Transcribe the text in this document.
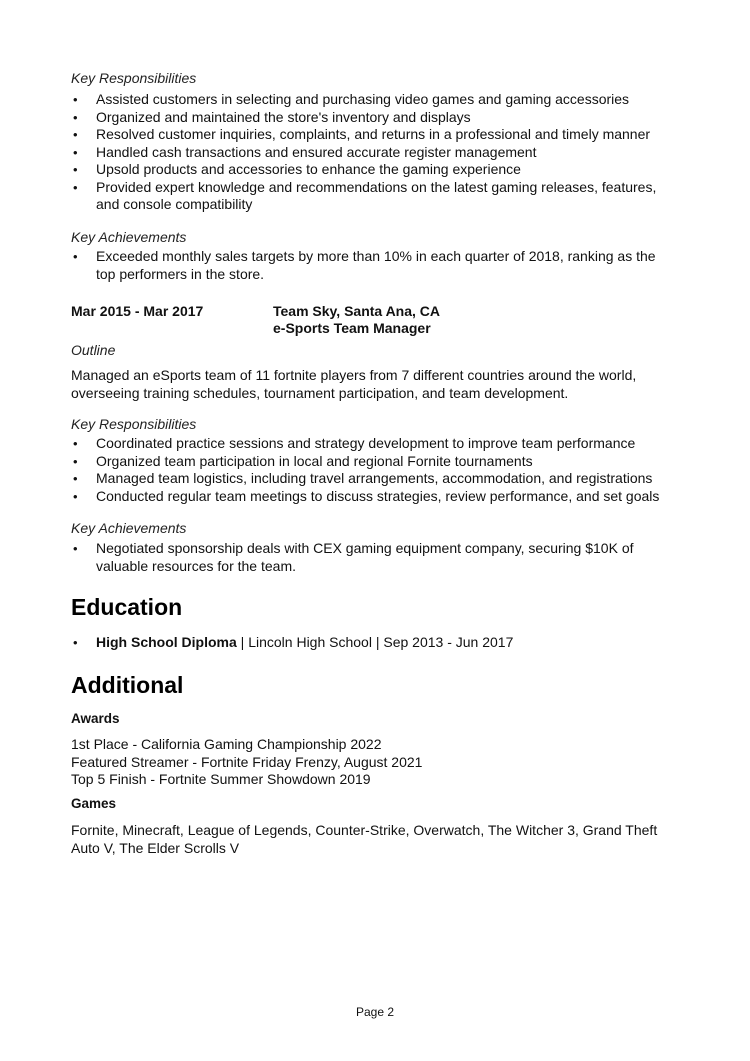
Key Responsibilities
• Assisted customers in selecting and purchasing video games and gaming accessories
• Organized and maintained the store's inventory and displays
• Resolved customer inquiries, complaints, and returns in a professional and timely manner
• Handled cash transactions and ensured accurate register management
• Upsold products and accessories to enhance the gaming experience
• Provided expert knowledge and recommendations on the latest gaming releases, features, and console compatibility
Key Achievements
• Exceeded monthly sales targets by more than 10% in each quarter of 2018, ranking as the top performers in the store.
Mar 2015 - Mar 2017	Team Sky, Santa Ana, CA
e-Sports Team Manager
Outline
Managed an eSports team of 11 fortnite players from 7 different countries around the world, overseeing training schedules, tournament participation, and team development.
Key Responsibilities
• Coordinated practice sessions and strategy development to improve team performance
• Organized team participation in local and regional Fornite tournaments
• Managed team logistics, including travel arrangements, accommodation, and registrations
• Conducted regular team meetings to discuss strategies, review performance, and set goals
Key Achievements
• Negotiated sponsorship deals with CEX gaming equipment company, securing $10K of valuable resources for the team.
Education
• High School Diploma | Lincoln High School | Sep 2013 - Jun 2017
Additional
Awards
1st Place - California Gaming Championship 2022
Featured Streamer - Fortnite Friday Frenzy, August 2021
Top 5 Finish - Fortnite Summer Showdown 2019
Games
Fornite, Minecraft, League of Legends, Counter-Strike, Overwatch, The Witcher 3, Grand Theft Auto V, The Elder Scrolls V
Page 2
